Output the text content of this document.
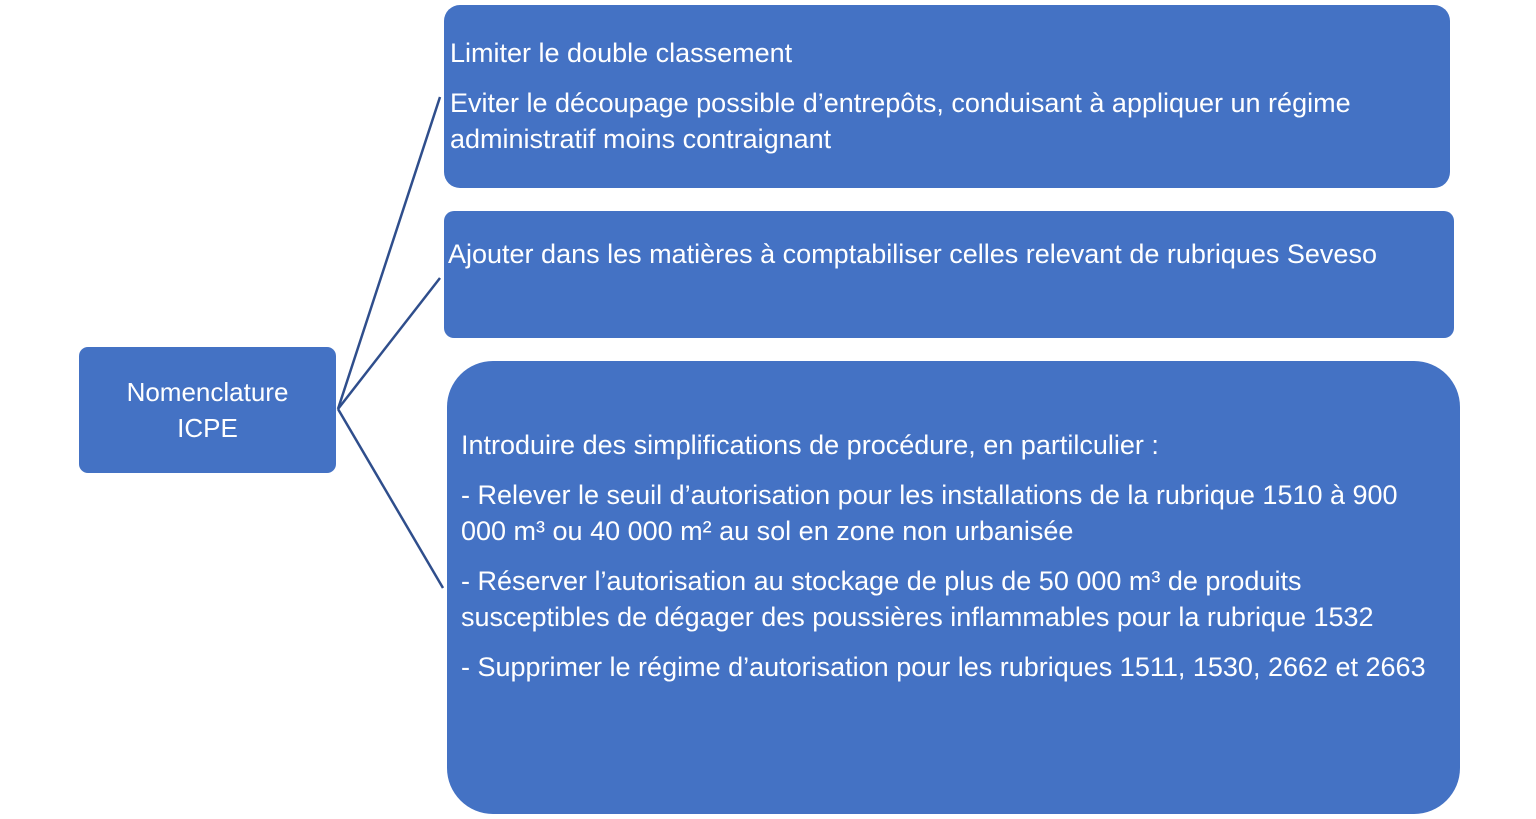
Nomenclature
ICPE

Limiter le double classement

Eviter le découpage possible d’entrepôts, conduisant à appliquer un régime administratif moins contraignant

Ajouter dans les matières à comptabiliser celles relevant de rubriques Seveso

Introduire des simplifications de procédure, en partilculier :

- Relever le seuil d’autorisation pour les installations de la rubrique 1510 à 900 000 m³ ou 40 000 m² au sol en zone non urbanisée

- Réserver l’autorisation au stockage de plus de 50 000 m³ de produits susceptibles de dégager des poussières inflammables pour la rubrique 1532

- Supprimer le régime d’autorisation pour les rubriques 1511, 1530, 2662 et 2663
